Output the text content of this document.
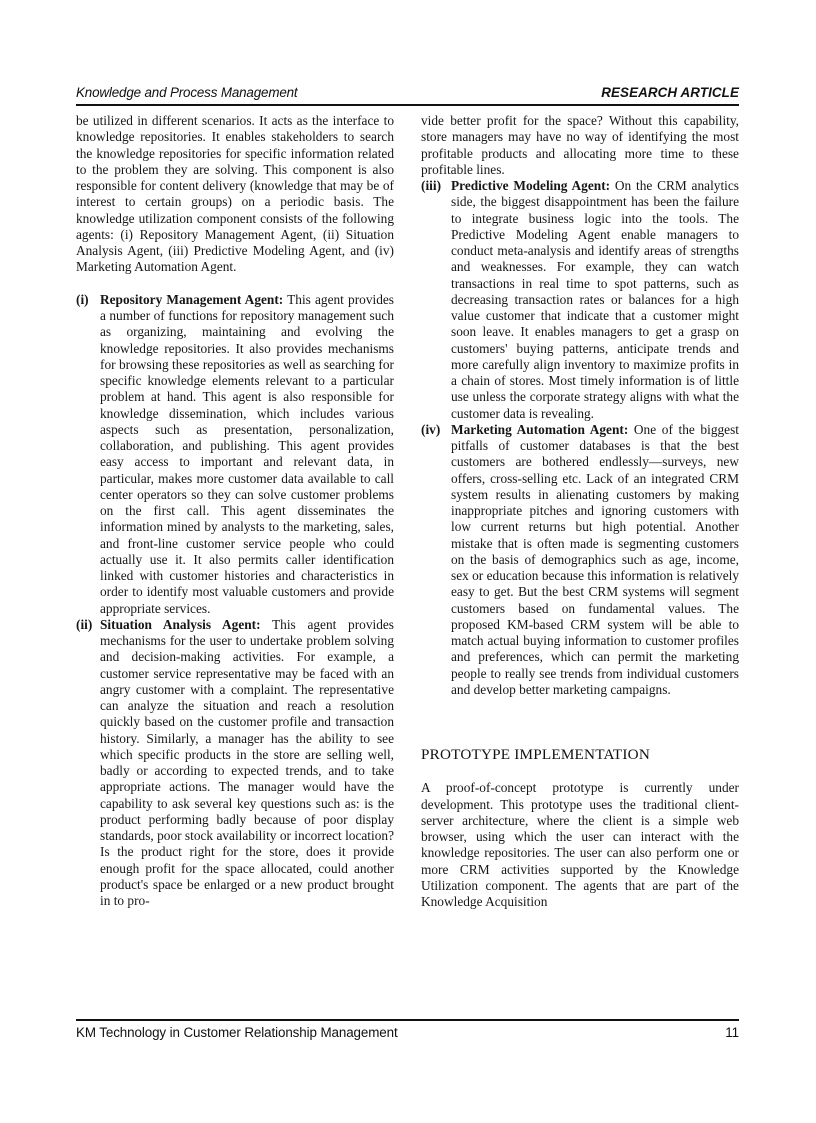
Knowledge and Process Management	RESEARCH ARTICLE

be utilized in different scenarios. It acts as the interface to knowledge repositories. It enables stakeholders to search the knowledge repositories for specific information related to the problem they are solving. This component is also responsible for content delivery (knowledge that may be of interest to certain groups) on a periodic basis. The knowledge utilization component consists of the following agents: (i) Repository Management Agent, (ii) Situation Analysis Agent, (iii) Predictive Modeling Agent, and (iv) Marketing Automation Agent.

(i) Repository Management Agent: This agent provides a number of functions for repository management such as organizing, maintaining and evolving the knowledge repositories. It also provides mechanisms for browsing these repositories as well as searching for specific knowledge elements relevant to a particular problem at hand. This agent is also responsible for knowledge dissemination, which includes various aspects such as presentation, personalization, collaboration, and publishing. This agent provides easy access to important and relevant data, in particular, makes more customer data available to call center operators so they can solve customer problems on the first call. This agent disseminates the information mined by analysts to the marketing, sales, and front-line customer service people who could actually use it. It also permits caller identification linked with customer histories and characteristics in order to identify most valuable customers and provide appropriate services.
(ii) Situation Analysis Agent: This agent provides mechanisms for the user to undertake problem solving and decision-making activities. For example, a customer service representative may be faced with an angry customer with a complaint. The representative can analyze the situation and reach a resolution quickly based on the customer profile and transaction history. Similarly, a manager has the ability to see which specific products in the store are selling well, badly or according to expected trends, and to take appropriate actions. The manager would have the capability to ask several key questions such as: is the product performing badly because of poor display standards, poor stock availability or incorrect location? Is the product right for the store, does it provide enough profit for the space allocated, could another product's space be enlarged or a new product brought in to pro-

vide better profit for the space? Without this capability, store managers may have no way of identifying the most profitable products and allocating more time to these profitable lines.

(iii) Predictive Modeling Agent: On the CRM analytics side, the biggest disappointment has been the failure to integrate business logic into the tools. The Predictive Modeling Agent enable managers to conduct meta-analysis and identify areas of strengths and weaknesses. For example, they can watch transactions in real time to spot patterns, such as decreasing transaction rates or balances for a high value customer that indicate that a customer might soon leave. It enables managers to get a grasp on customers' buying patterns, anticipate trends and more carefully align inventory to maximize profits in a chain of stores. Most timely information is of little use unless the corporate strategy aligns with what the customer data is revealing.
(iv) Marketing Automation Agent: One of the biggest pitfalls of customer databases is that the best customers are bothered endlessly—surveys, new offers, cross-selling etc. Lack of an integrated CRM system results in alienating customers by making inappropriate pitches and ignoring customers with low current returns but high potential. Another mistake that is often made is segmenting customers on the basis of demographics such as age, income, sex or education because this information is relatively easy to get. But the best CRM systems will segment customers based on fundamental values. The proposed KM-based CRM system will be able to match actual buying information to customer profiles and preferences, which can permit the marketing people to really see trends from individual customers and develop better marketing campaigns.
PROTOTYPE IMPLEMENTATION

A proof-of-concept prototype is currently under development. This prototype uses the traditional client-server architecture, where the client is a simple web browser, using which the user can interact with the knowledge repositories. The user can also perform one or more CRM activities supported by the Knowledge Utilization component. The agents that are part of the Knowledge Acquisition

KM Technology in Customer Relationship Management	11
